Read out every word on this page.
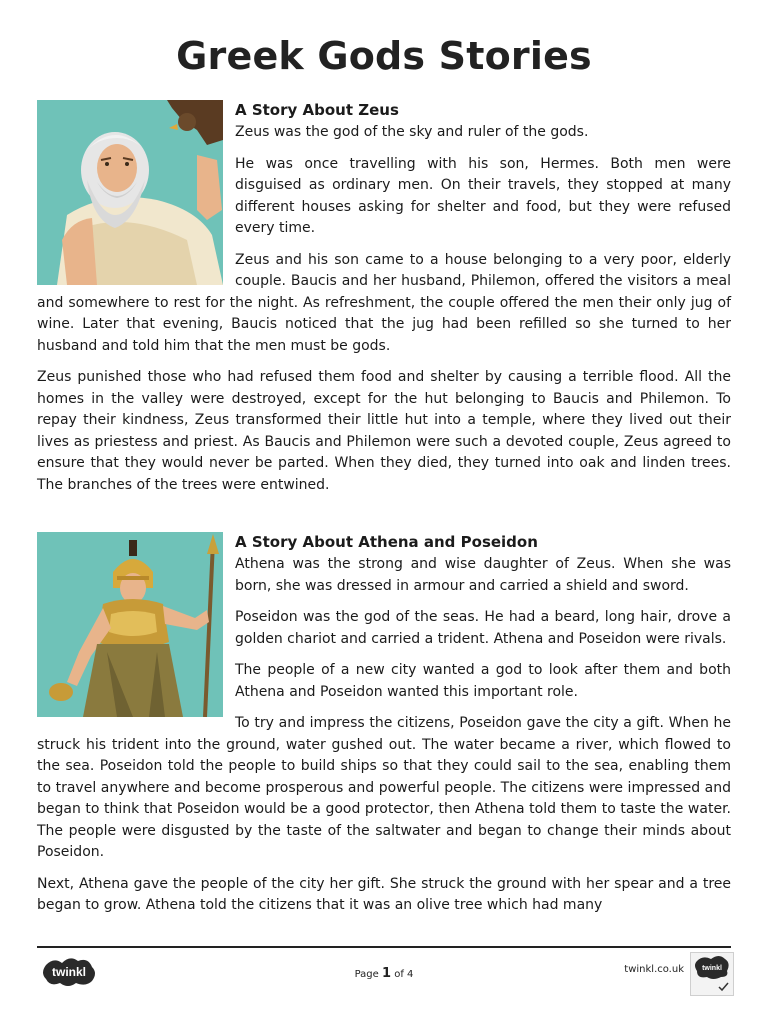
Greek Gods Stories
A Story About Zeus

Zeus was the god of the sky and ruler of the gods.

He was once travelling with his son, Hermes. Both men were disguised as ordinary men. On their travels, they stopped at many different houses asking for shelter and food, but they were refused every time.

Zeus and his son came to a house belonging to a very poor, elderly couple. Baucis and her husband, Philemon, offered the visitors a meal and somewhere to rest for the night. As refreshment, the couple offered the men their only jug of wine. Later that evening, Baucis noticed that the jug had been refilled so she turned to her husband and told him that the men must be gods.

Zeus punished those who had refused them food and shelter by causing a terrible flood. All the homes in the valley were destroyed, except for the hut belonging to Baucis and Philemon. To repay their kindness, Zeus transformed their little hut into a temple, where they lived out their lives as priestess and priest. As Baucis and Philemon were such a devoted couple, Zeus agreed to ensure that they would never be parted. When they died, they turned into oak and linden trees. The branches of the trees were entwined.

A Story About Athena and Poseidon

Athena was the strong and wise daughter of Zeus. When she was born, she was dressed in armour and carried a shield and sword.

Poseidon was the god of the seas. He had a beard, long hair, drove a golden chariot and carried a trident. Athena and Poseidon were rivals.

The people of a new city wanted a god to look after them and both Athena and Poseidon wanted this important role.

To try and impress the citizens, Poseidon gave the city a gift. When he struck his trident into the ground, water gushed out. The water became a river, which flowed to the sea. Poseidon told the people to build ships so that they could sail to the sea, enabling them to travel anywhere and become prosperous and powerful people. The citizens were impressed and began to think that Poseidon would be a good protector, then Athena told them to taste the water. The people were disgusted by the taste of the saltwater and began to change their minds about Poseidon.

Next, Athena gave the people of the city her gift. She struck the ground with her spear and a tree began to grow. Athena told the citizens that it was an olive tree which had many

twinkl	Page 1 of 4	twinkl.co.uk	twinkl
